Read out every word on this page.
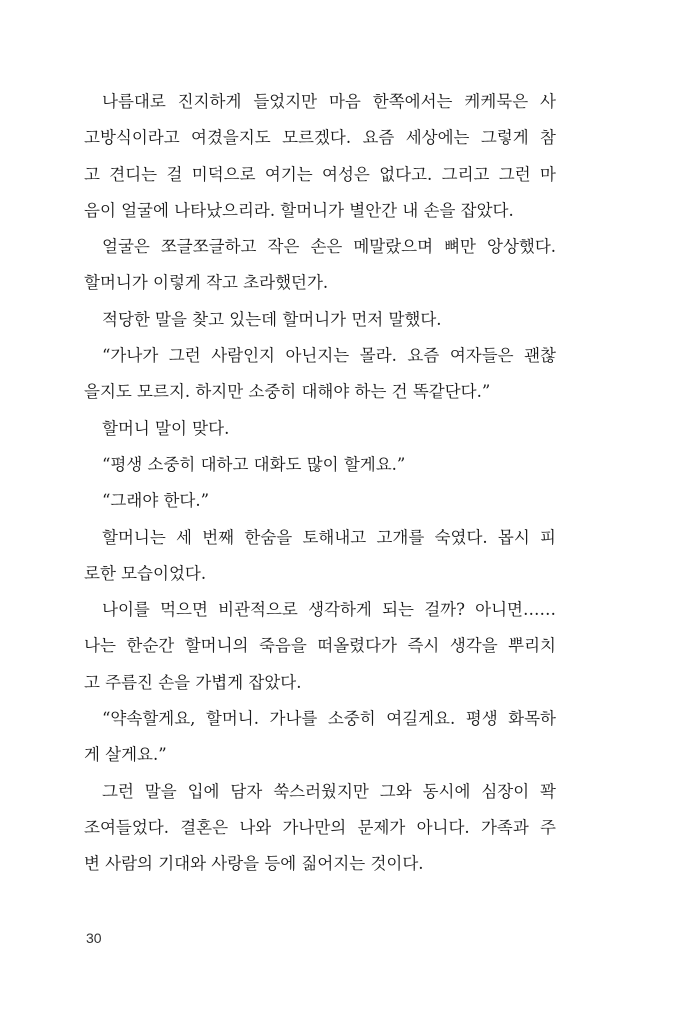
나름대로 진지하게 들었지만 마음 한쪽에서는 케케묵은 사
고방식이라고 여겼을지도 모르겠다. 요즘 세상에는 그렇게 참
고 견디는 걸 미덕으로 여기는 여성은 없다고. 그리고 그런 마
음이 얼굴에 나타났으리라. 할머니가 별안간 내 손을 잡았다.
얼굴은 쪼글쪼글하고 작은 손은 메말랐으며 뼈만 앙상했다.
할머니가 이렇게 작고 초라했던가.
적당한 말을 찾고 있는데 할머니가 먼저 말했다.
“가나가 그런 사람인지 아닌지는 몰라. 요즘 여자들은 괜찮
을지도 모르지. 하지만 소중히 대해야 하는 건 똑같단다.”
할머니 말이 맞다.
“평생 소중히 대하고 대화도 많이 할게요.”
“그래야 한다.”
할머니는 세 번째 한숨을 토해내고 고개를 숙였다. 몹시 피
로한 모습이었다.
나이를 먹으면 비관적으로 생각하게 되는 걸까? 아니면……
나는 한순간 할머니의 죽음을 떠올렸다가 즉시 생각을 뿌리치
고 주름진 손을 가볍게 잡았다.
“약속할게요, 할머니. 가나를 소중히 여길게요. 평생 화목하
게 살게요.”
그런 말을 입에 담자 쑥스러웠지만 그와 동시에 심장이 꽉
조여들었다. 결혼은 나와 가나만의 문제가 아니다. 가족과 주
변 사람의 기대와 사랑을 등에 짊어지는 것이다.
30
